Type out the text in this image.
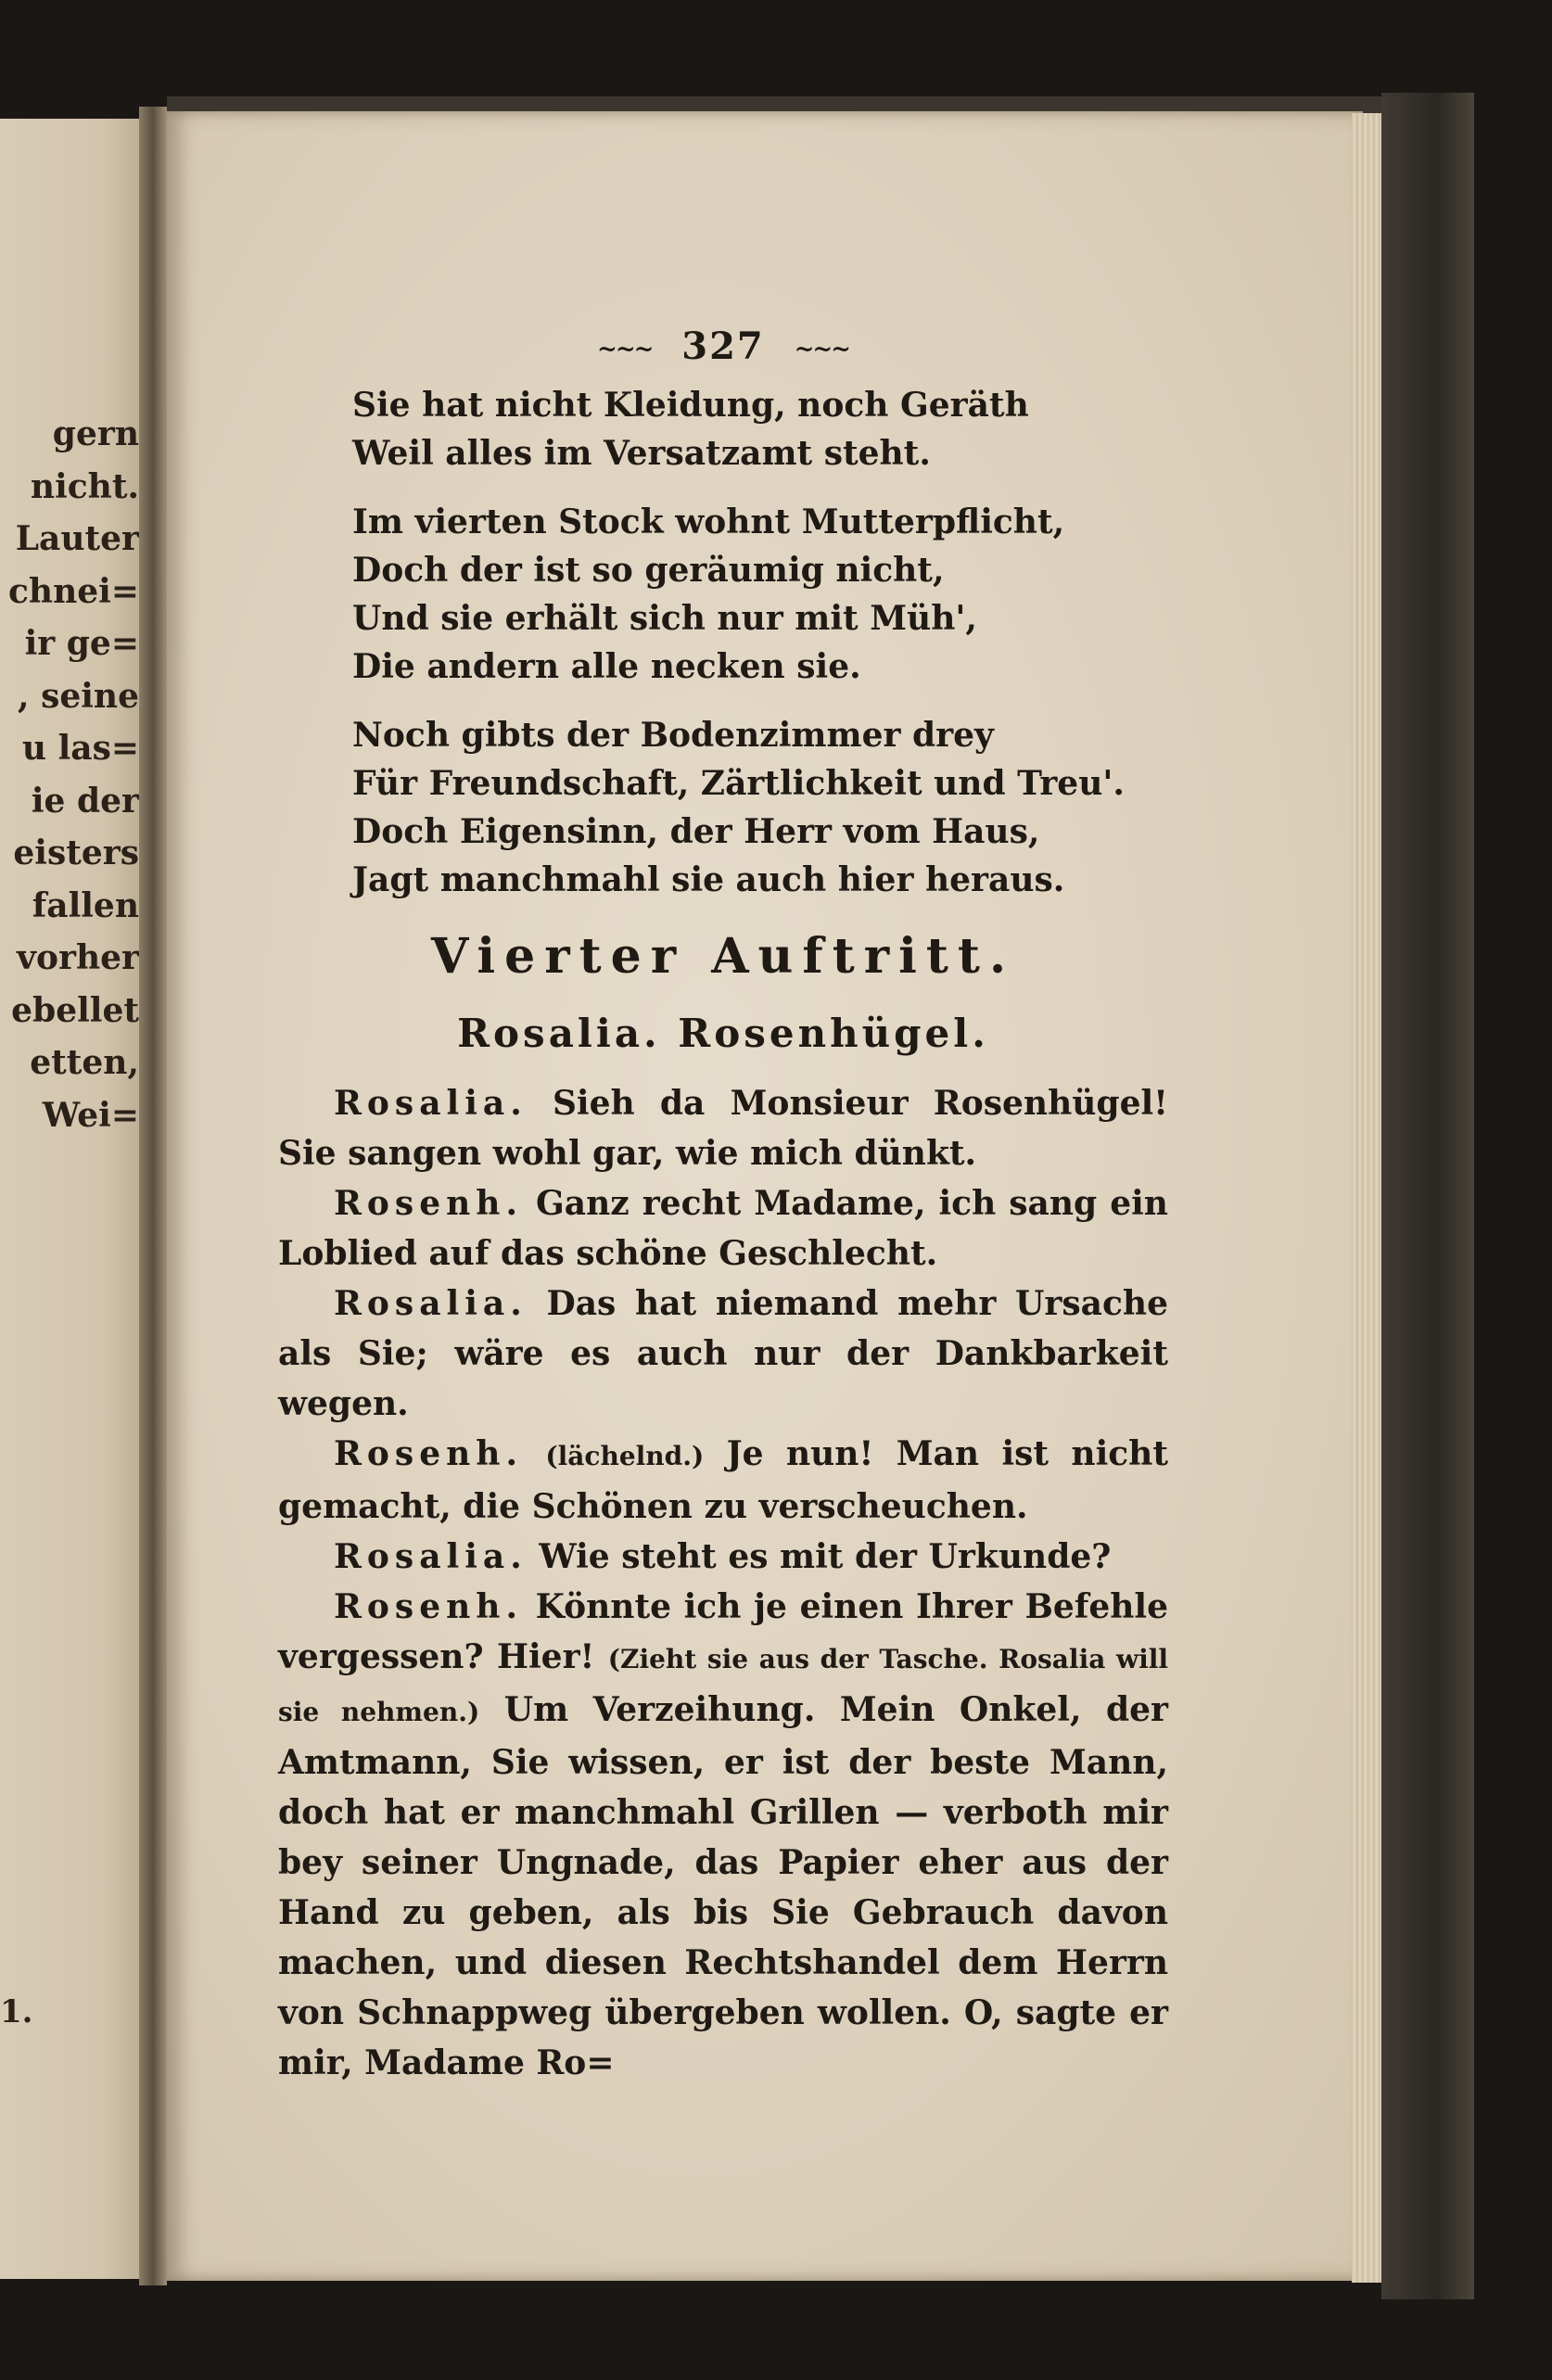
gern
nicht.
Lauter
chnei=
ir ge=
, seine
u las=
ie der
eisters
fallen
vorher
ebellet
etten,
Wei=
1.
~~~ 327 ~~~
Sie hat nicht Kleidung, noch Geräth
Weil alles im Versatzamt steht.
Im vierten Stock wohnt Mutterpflicht,
Doch der ist so geräumig nicht,
Und sie erhält sich nur mit Müh',
Die andern alle necken sie.
Noch gibts der Bodenzimmer drey
Für Freundschaft, Zärtlichkeit und Treu'.
Doch Eigensinn, der Herr vom Haus,
Jagt manchmahl sie auch hier heraus.
Vierter Auftritt.
Rosalia. Rosenhügel.

Rosalia. Sieh da Monsieur Rosenhügel! Sie sangen wohl gar, wie mich dünkt.

Rosenh. Ganz recht Madame, ich sang ein Loblied auf das schöne Geschlecht.

Rosalia. Das hat niemand mehr Ursache als Sie; wäre es auch nur der Dankbarkeit wegen.

Rosenh. (lächelnd.) Je nun! Man ist nicht gemacht, die Schönen zu verscheuchen.

Rosalia. Wie steht es mit der Urkunde?

Rosenh. Könnte ich je einen Ihrer Befehle vergessen? Hier! (Zieht sie aus der Tasche. Rosalia will sie nehmen.) Um Verzeihung. Mein Onkel, der Amtmann, Sie wissen, er ist der beste Mann, doch hat er manchmahl Grillen — verboth mir bey seiner Ungnade, das Papier eher aus der Hand zu geben, als bis Sie Gebrauch davon machen, und diesen Rechtshandel dem Herrn von Schnappweg übergeben wollen. O, sagte er mir, Madame Ro=
